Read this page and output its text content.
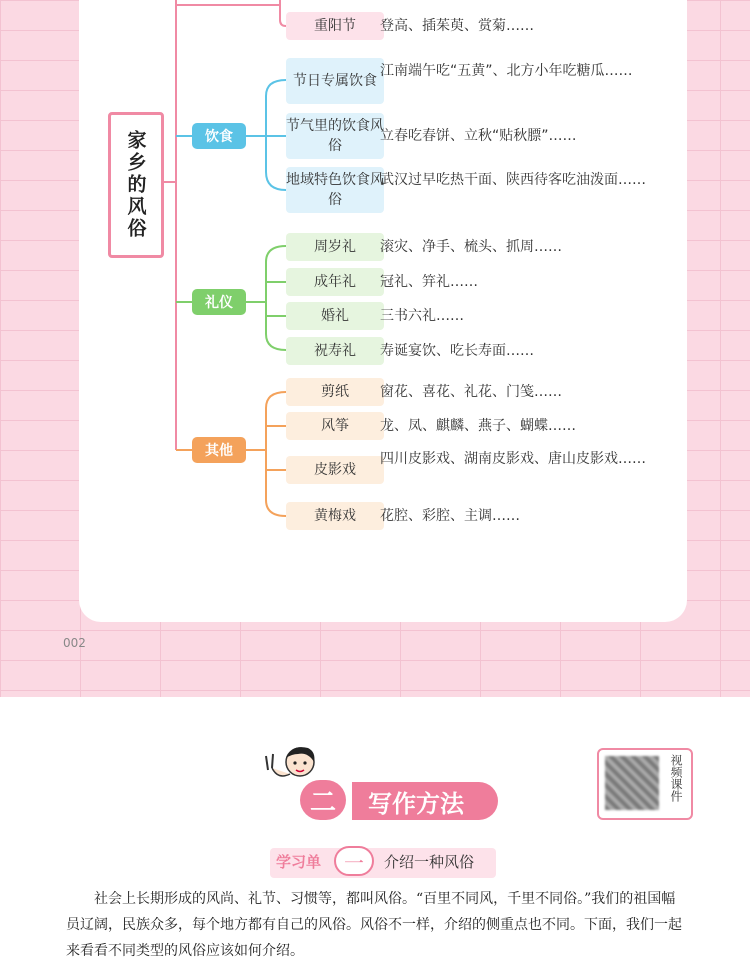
重阳节	登高、插茱萸、赏菊……
家乡的风俗	饮食
节日专属饮食
江南端午吃“五黄”、北方小年吃糖瓜……
节气里的饮食风俗
立春吃春饼、立秋“贴秋膘”……
地域特色饮食风俗
武汉过早吃热干面、陕西待客吃油泼面……
礼仪
周岁礼	滚灾、净手、梳头、抓周……
成年礼	冠礼、笄礼……
婚礼	三书六礼……
祝寿礼	寿诞宴饮、吃长寿面……
其他
剪纸	窗花、喜花、礼花、门笺……
风筝	龙、凤、麒麟、燕子、蝴蝶……
皮影戏
四川皮影戏、湖南皮影戏、唐山皮影戏……
黄梅戏	花腔、彩腔、主调……
002
二	写作方法
视频课件
学习单	一	介绍一种风俗
社会上长期形成的风尚、礼节、习惯等，都叫风俗。“百里不同风，千里不同俗。”我们的祖国幅员辽阔，民族众多，每个地方都有自己的风俗。风俗不一样，介绍的侧重点也不同。下面，我们一起来看看不同类型的风俗应该如何介绍。
